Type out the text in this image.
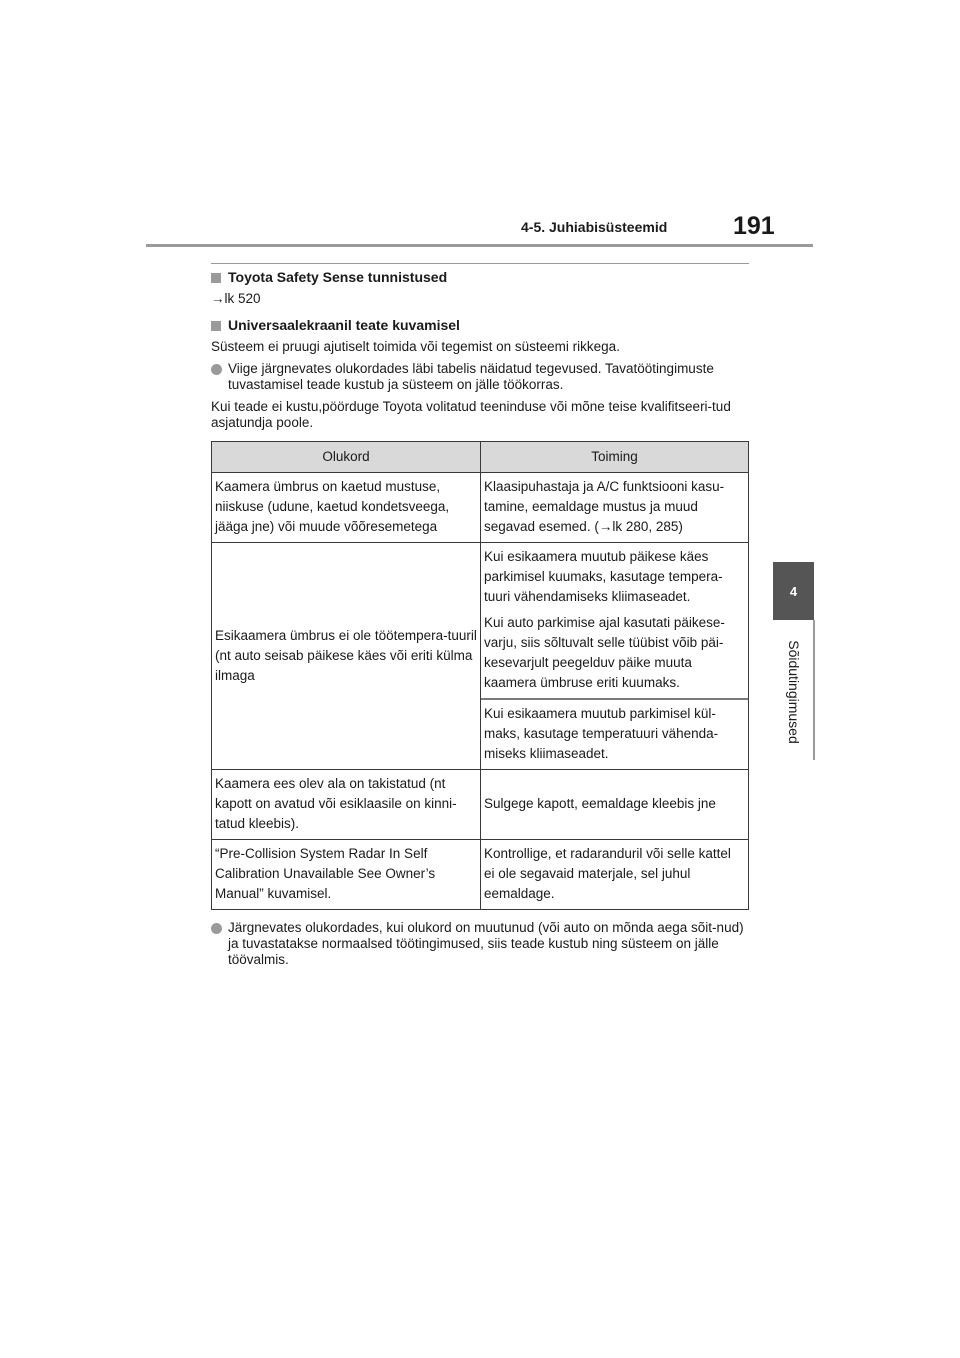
4-5. Juhiabisüsteemid	191
4
Sõidutingimused

Toyota Safety Sense tunnistused

→lk 520

Universaalekraanil teate kuvamisel

Süsteem ei pruugi ajutiselt toimida või tegemist on süsteemi rikkega.

Viige järgnevates olukordades läbi tabelis näidatud tegevused. Tavatöötingimuste tuvastamisel teade kustub ja süsteem on jälle töökorras.

Kui teade ei kustu,pöörduge Toyota volitatud teeninduse või mõne teise kvalifitseeri-tud asjatundja poole.

Olukord	Toiming
Kaamera ümbrus on kaetud mustuse, niiskuse (udune, kaetud kondetsveega, jääga jne) või muude võõresemetega	Klaasipuhastaja ja A/C funktsiooni kasu-tamine, eemaldage mustus ja muud segavad esemed. (→lk 280, 285)
Esikaamera ümbrus ei ole töötempera-tuuril (nt auto seisab päikese käes või eriti külma ilmaga	Kui esikaamera muutub päikese käes parkimisel kuumaks, kasutage tempera-tuuri vähendamiseks kliimaseadet.

Kui auto parkimise ajal kasutati päikese-varju, siis sõltuvalt selle tüübist võib päi-kesevarjult peegelduv päike muuta kaamera ümbruse eriti kuumaks.

Kui esikaamera muutub parkimisel kül-maks, kasutage temperatuuri vähenda-miseks kliimaseadet.

Kaamera ees olev ala on takistatud (nt kapott on avatud või esiklaasile on kinni-tatud kleebis).	Sulgege kapott, eemaldage kleebis jne
“Pre-Collision System Radar In Self Calibration Unavailable See Owner’s Manual” kuvamisel.	Kontrollige, et radaranduril või selle kattel ei ole segavaid materjale, sel juhul eemaldage.

Järgnevates olukordades, kui olukord on muutunud (või auto on mõnda aega sõit-nud) ja tuvastatakse normaalsed töötingimused, siis teade kustub ning süsteem on jälle töövalmis.
